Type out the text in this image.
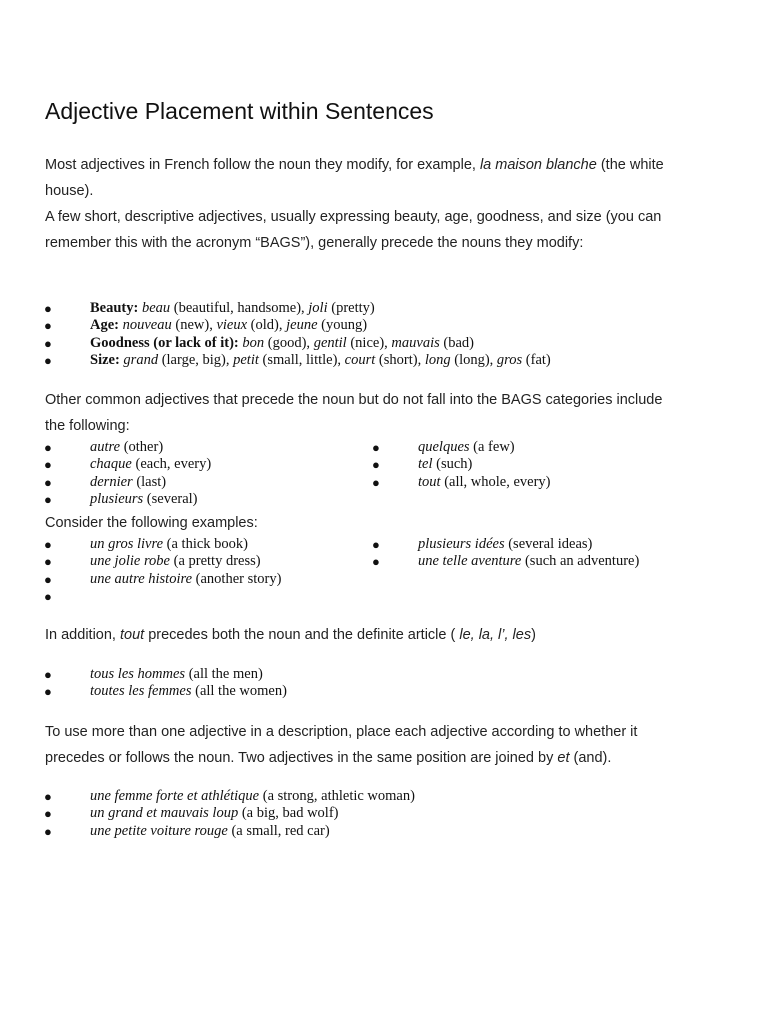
Adjective Placement within Sentences

Most adjectives in French follow the noun they modify, for example, la maison blanche (the white house).

A few short, descriptive adjectives, usually expressing beauty, age, goodness, and size (you can remember this with the acronym “BAGS”), generally precede the nouns they modify:

●	Beauty: beau (beautiful, handsome), joli (pretty)
●	Age: nouveau (new), vieux (old), jeune (young)
●	Goodness (or lack of it): bon (good), gentil (nice), mauvais (bad)
●	Size: grand (large, big), petit (small, little), court (short), long (long), gros (fat)

Other common adjectives that precede the noun but do not fall into the BAGS categories include the following:

●	autre (other)
●	chaque (each, every)
●	dernier (last)
●	plusieurs (several)
●	quelques (a few)
●	tel (such)
●	tout (all, whole, every)

Consider the following examples:

●	un gros livre (a thick book)
●	une jolie robe (a pretty dress)
●	une autre histoire (another story)
●
●	plusieurs idées (several ideas)
●	une telle aventure (such an adventure)

In addition, tout precedes both the noun and the definite article ( le, la, l’, les)

●	tous les hommes (all the men)
●	toutes les femmes (all the women)

To use more than one adjective in a description, place each adjective according to whether it precedes or follows the noun. Two adjectives in the same position are joined by et (and).

●	une femme forte et athlétique (a strong, athletic woman)
●	un grand et mauvais loup (a big, bad wolf)
●	une petite voiture rouge (a small, red car)
